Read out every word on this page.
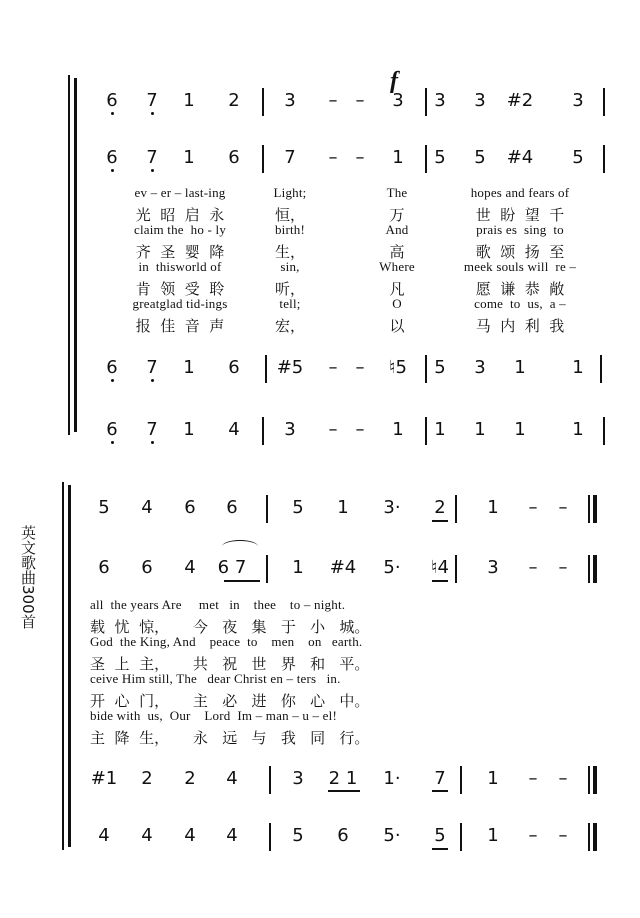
英文歌曲300首
f
6 7 1 2 3 – – 3 3 3 #2 3
6 7 1 6 7 – – 1 5 5 #4 5
6 7 1 6 #5 – – ♮5 5 3 1	1
6 7 1 4 3 – – 1 1 1 1	1
ev – er – last-ing	Light;	The	hopes and fears of
光  昭  启  永	恒，	万	世  盼  望  千
claim the  ho - ly	birth!	And	prais es  sing  to
齐  圣  婴  降	生，	高	歌  颂  扬  至
in  thisworld of	sin,	Where	meek souls will  re –
肯  领  受  聆	听，	凡	愿  谦  恭  敞
greatglad tid-ings	tell;	O	come  to  us,  a –
报  佳  音  声	宏，	以	马  内  利  我
5 4 6 6	5 1 3· 2 1 – –
6 6 4 6 7	1 #4 5· ♮4 3 – –
#1 2 2 4	3 2 1 1· 7 1 – –
4 4 4 4	5 6 5· 5 1 – –
all  the years Are     met   in    thee    to – night.
载  忧  惊，     今   夜   集   于   小   城。
God  the King, And    peace  to    men    on   earth.
圣  上  主，     共   祝   世   界   和   平。
ceive Him still, The   dear Christ en – ters   in.
开  心  门，     主   必   进   你   心   中。
bide with  us,  Our    Lord  Im – man – u – el!
主  降  生，     永   远   与   我   同   行。
